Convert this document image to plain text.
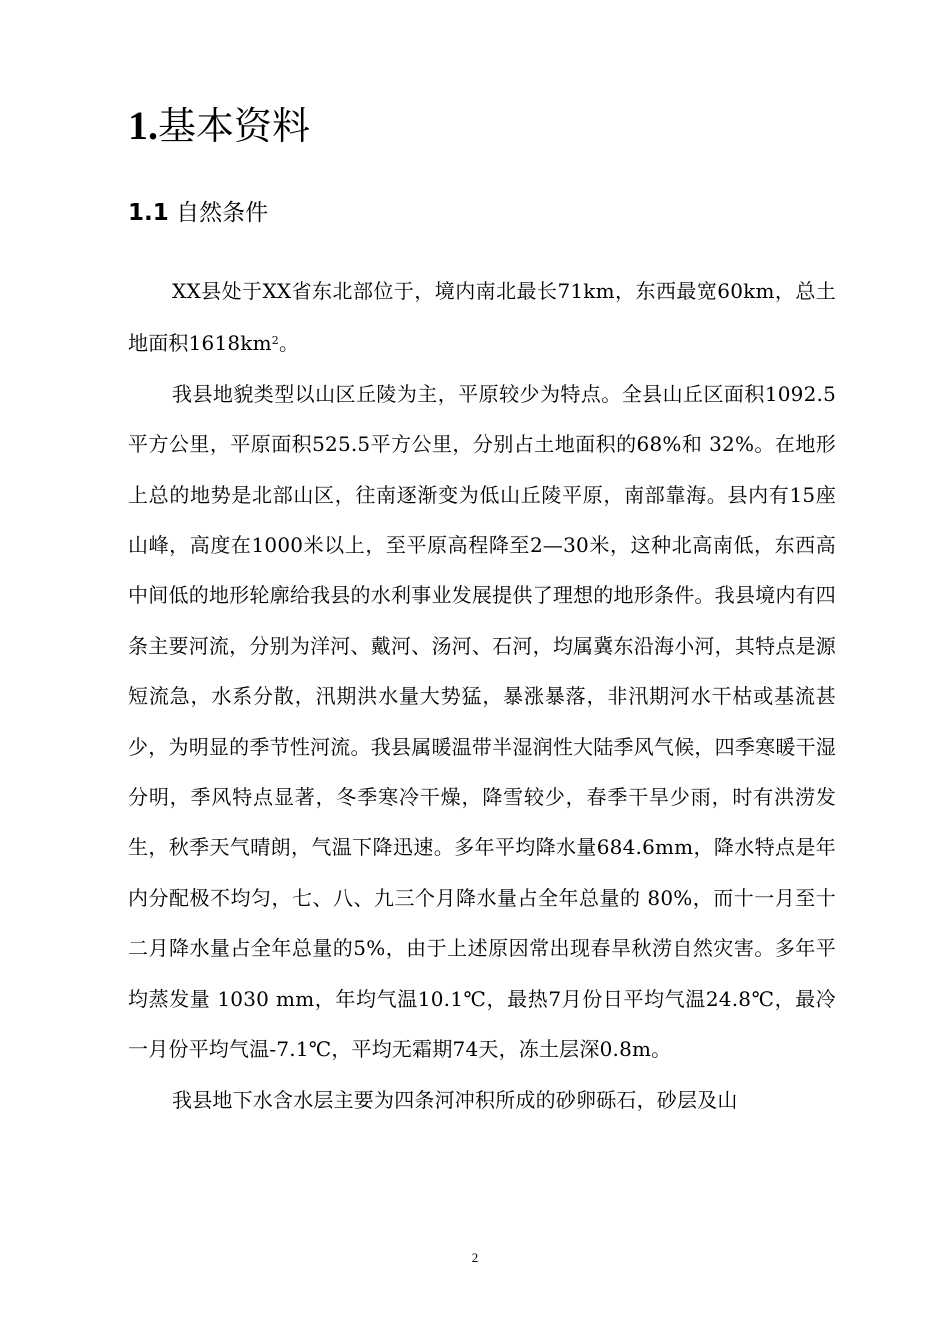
1.基本资料
1.1 自然条件

XX县处于XX省东北部位于，境内南北最长71km，东西最宽60km，总土地面积$1618km^2$。

我县地貌类型以山区丘陵为主，平原较少为特点。全县山丘区面积1092.5平方公里，平原面积525.5平方公里，分别占土地面积的68%和 32%。在地形上总的地势是北部山区，往南逐渐变为低山丘陵平原，南部靠海。县内有15座山峰，高度在1000米以上，至平原高程降至2—30米，这种北高南低，东西高中间低的地形轮廓给我县的水利事业发展提供了理想的地形条件。我县境内有四条主要河流，分别为洋河、戴河、汤河、石河，均属冀东沿海小河，其特点是源短流急，水系分散，汛期洪水量大势猛，暴涨暴落，非汛期河水干枯或基流甚少，为明显的季节性河流。我县属暖温带半湿润性大陆季风气候，四季寒暖干湿分明，季风特点显著，冬季寒冷干燥，降雪较少，春季干旱少雨，时有洪涝发生，秋季天气晴朗，气温下降迅速。多年平均降水量684.6mm，降水特点是年内分配极不均匀，七、八、九三个月降水量占全年总量的 80%，而十一月至十二月降水量占全年总量的5%，由于上述原因常出现春旱秋涝自然灾害。多年平均蒸发量 1030 mm，年均气温10.1℃，最热7月份日平均气温24.8℃，最冷一月份平均气温-7.1℃，平均无霜期74天，冻土层深0.8m。

我县地下水含水层主要为四条河冲积所成的砂卵砾石，砂层及山

2
